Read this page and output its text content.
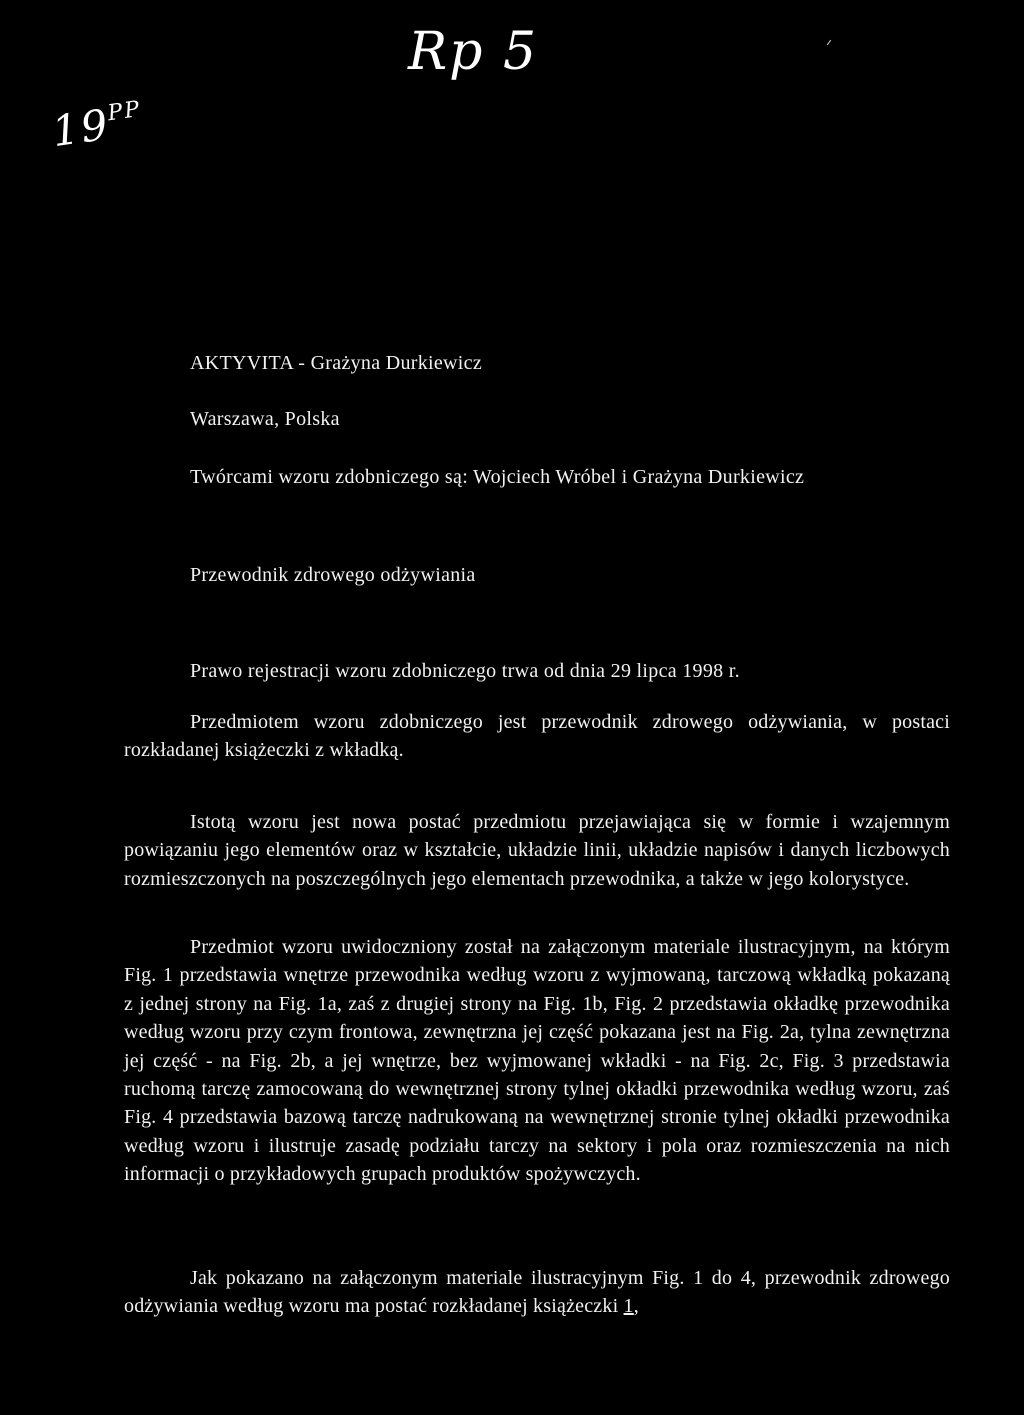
Rp 5
$19^{PP}$
AKTYVITA - Grażyna Durkiewicz
Warszawa, Polska
Twórcami wzoru zdobniczego są: Wojciech Wróbel i Grażyna Durkiewicz
Przewodnik zdrowego odżywiania
Prawo rejestracji wzoru zdobniczego trwa od dnia 29 lipca 1998 r.

Przedmiotem wzoru zdobniczego jest przewodnik zdrowego odżywiania, w postaci rozkładanej książeczki z wkładką.

Istotą wzoru jest nowa postać przedmiotu przejawiająca się w formie i wzajemnym powiązaniu jego elementów oraz w kształcie, układzie linii, układzie napisów i danych liczbowych rozmieszczonych na poszczególnych jego elementach przewodnika, a także w jego kolorystyce.

Przedmiot wzoru uwidoczniony został na załączonym materiale ilustracyjnym, na którym Fig. 1 przedstawia wnętrze przewodnika według wzoru z wyjmowaną, tarczową wkładką pokazaną z jednej strony na Fig. 1a, zaś z drugiej strony na Fig. 1b, Fig. 2 przedstawia okładkę przewodnika według wzoru przy czym frontowa, zewnętrzna jej część pokazana jest na Fig. 2a, tylna zewnętrzna jej część - na Fig. 2b, a jej wnętrze, bez wyjmowanej wkładki - na Fig. 2c, Fig. 3 przedstawia ruchomą tarczę zamocowaną do wewnętrznej strony tylnej okładki przewodnika według wzoru, zaś Fig. 4 przedstawia bazową tarczę nadrukowaną na wewnętrznej stronie tylnej okładki przewodnika według wzoru i ilustruje zasadę podziału tarczy na sektory i pola oraz rozmieszczenia na nich informacji o przykładowych grupach produktów spożywczych.

Jak pokazano na załączonym materiale ilustracyjnym Fig. 1 do 4, przewodnik zdrowego odżywiania według wzoru ma postać rozkładanej książeczki 1,
